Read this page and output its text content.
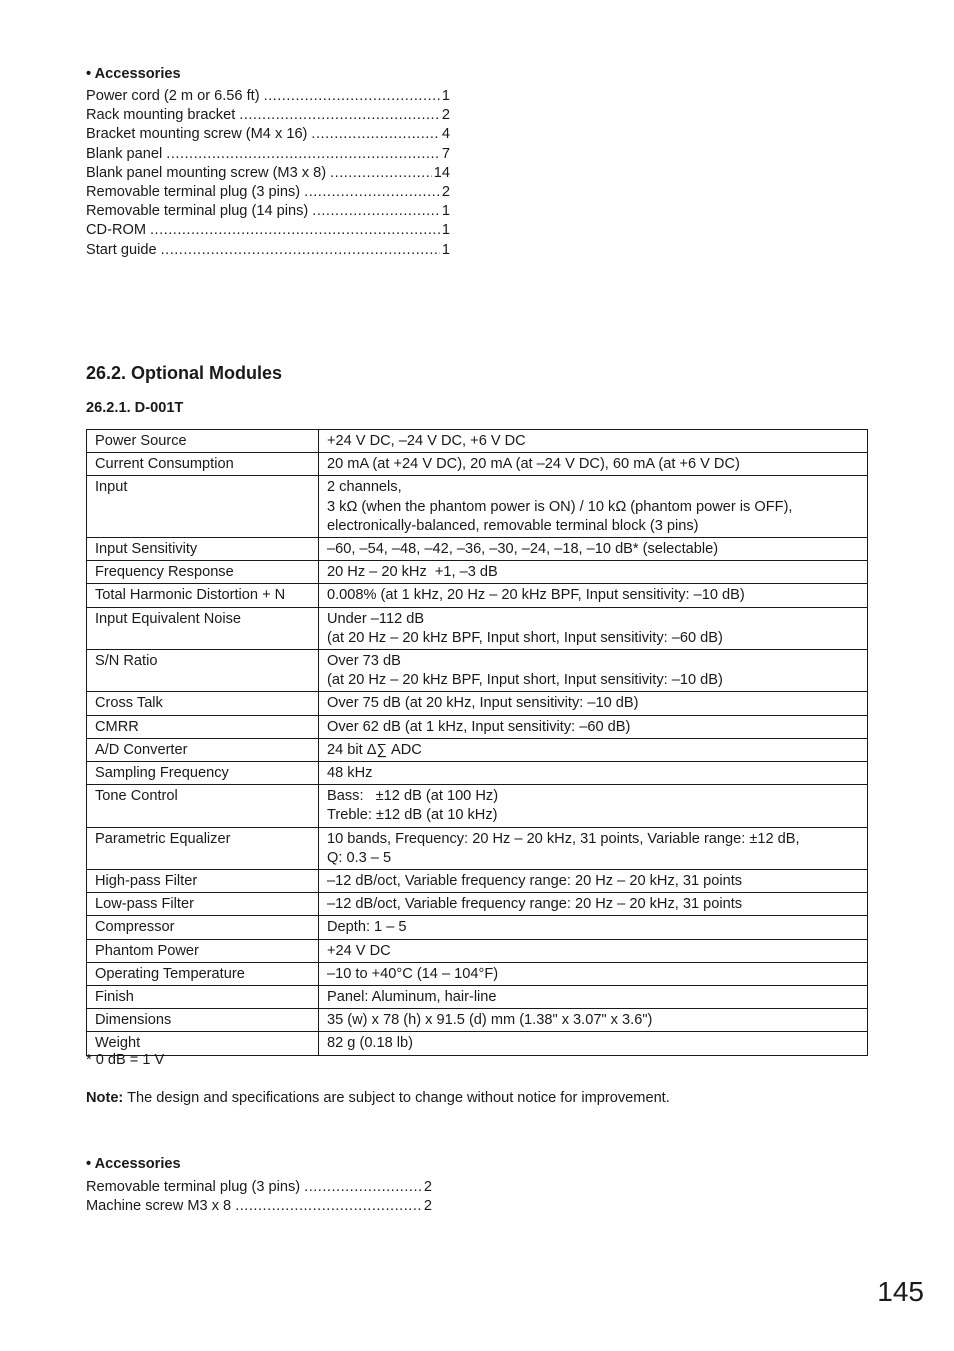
• Accessories
Power cord (2 m or 6.56 ft) .....	1
Rack mounting bracket .....	2
Bracket mounting screw (M4 x 16) .....	4
Blank panel .....	7
Blank panel mounting screw (M3 x 8) .....	14
Removable terminal plug (3 pins) .....	2
Removable terminal plug (14 pins) .....	1
CD-ROM .....	1
Start guide .....	1
26.2. Optional Modules
26.2.1. D-001T
Power Source	+24 V DC, –24 V DC, +6 V DC

Current Consumption	20 mA (at +24 V DC), 20 mA (at –24 V DC), 60 mA (at +6 V DC)

Input	2 channels,
3 kΩ (when the phantom power is ON) / 10 kΩ (phantom power is OFF),
electronically-balanced, removable terminal block (3 pins)

Input Sensitivity	–60, –54, –48, –42, –36, –30, –24, –18, –10 dB* (selectable)

Frequency Response	20 Hz – 20 kHz  +1, –3 dB

Total Harmonic Distortion + N	0.008% (at 1 kHz, 20 Hz – 20 kHz BPF, Input sensitivity: –10 dB)

Input Equivalent Noise	Under –112 dB
(at 20 Hz – 20 kHz BPF, Input short, Input sensitivity: –60 dB)

S/N Ratio	Over 73 dB
(at 20 Hz – 20 kHz BPF, Input short, Input sensitivity: –10 dB)

Cross Talk	Over 75 dB (at 20 kHz, Input sensitivity: –10 dB)

CMRR	Over 62 dB (at 1 kHz, Input sensitivity: –60 dB)

A/D Converter	24 bit Δ∑ ADC

Sampling Frequency	48 kHz

Tone Control	Bass:   ±12 dB (at 100 Hz)
Treble: ±12 dB (at 10 kHz)

Parametric Equalizer	10 bands, Frequency: 20 Hz – 20 kHz, 31 points, Variable range: ±12 dB,
Q: 0.3 – 5

High-pass Filter	–12 dB/oct, Variable frequency range: 20 Hz – 20 kHz, 31 points

Low-pass Filter	–12 dB/oct, Variable frequency range: 20 Hz – 20 kHz, 31 points

Compressor	Depth: 1 – 5

Phantom Power	+24 V DC

Operating Temperature	–10 to +40°C (14 – 104°F)

Finish	Panel: Aluminum, hair-line

Dimensions	35 (w) x 78 (h) x 91.5 (d) mm (1.38" x 3.07" x 3.6")

Weight	82 g (0.18 lb)
* 0 dB = 1 V
Note: The design and specifications are subject to change without notice for improvement.
• Accessories
Removable terminal plug (3 pins) .....	2
Machine screw M3 x 8 .....	2
145
